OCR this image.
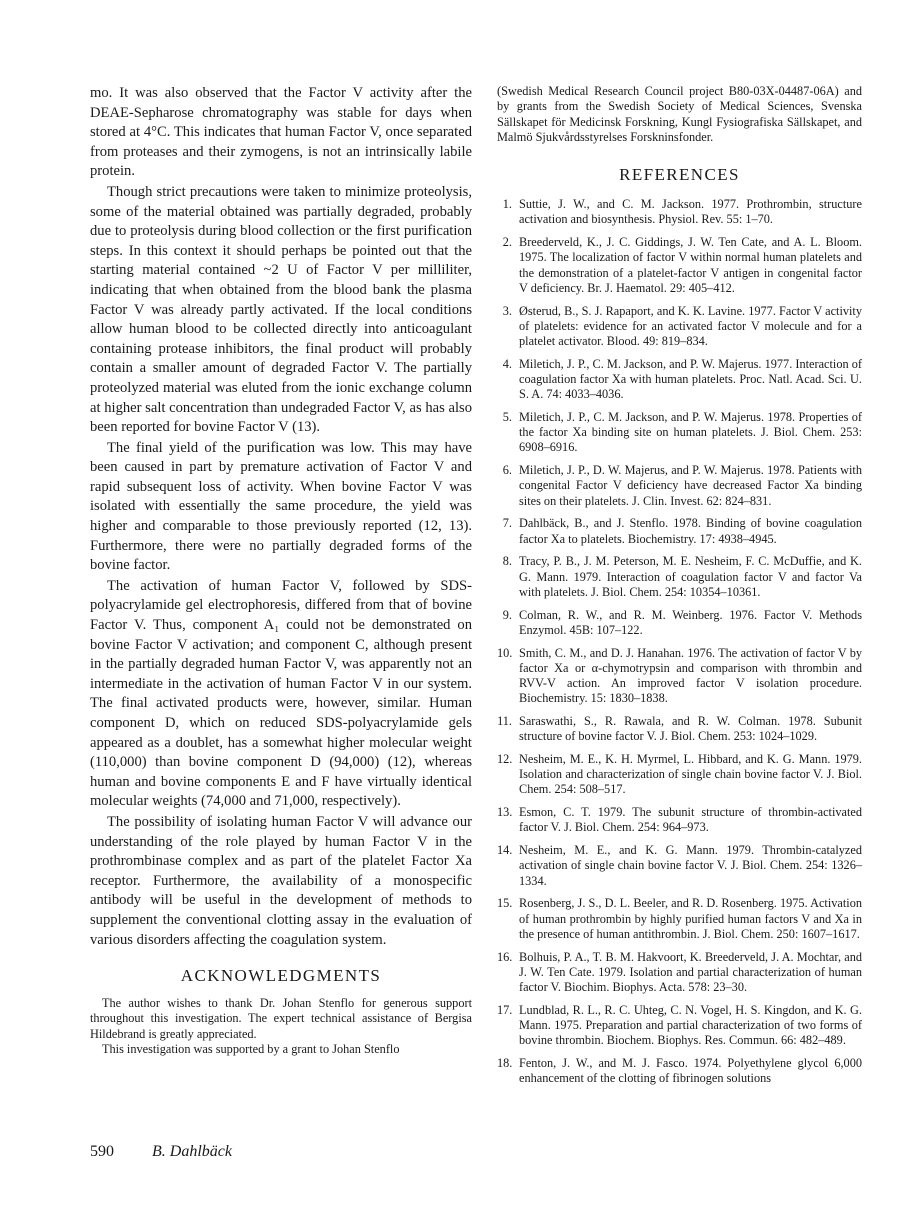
mo. It was also observed that the Factor V activity after the DEAE-Sepharose chromatography was stable for days when stored at 4°C. This indicates that human Factor V, once separated from proteases and their zymogens, is not an intrinsically labile protein.

Though strict precautions were taken to minimize proteolysis, some of the material obtained was partially degraded, probably due to proteolysis during blood collection or the first purification steps. In this context it should perhaps be pointed out that the starting material contained ~2 U of Factor V per milliliter, indicating that when obtained from the blood bank the plasma Factor V was already partly activated. If the local conditions allow human blood to be collected directly into anticoagulant containing protease inhibitors, the final product will probably contain a smaller amount of degraded Factor V. The partially proteolyzed material was eluted from the ionic exchange column at higher salt concentration than undegraded Factor V, as has also been reported for bovine Factor V (13).

The final yield of the purification was low. This may have been caused in part by premature activation of Factor V and rapid subsequent loss of activity. When bovine Factor V was isolated with essentially the same procedure, the yield was higher and comparable to those previously reported (12, 13). Furthermore, there were no partially degraded forms of the bovine factor.

The activation of human Factor V, followed by SDS-polyacrylamide gel electrophoresis, differed from that of bovine Factor V. Thus, component A₁ could not be demonstrated on bovine Factor V activation; and component C, although present in the partially degraded human Factor V, was apparently not an intermediate in the activation of human Factor V in our system. The final activated products were, however, similar. Human component D, which on reduced SDS-polyacrylamide gels appeared as a doublet, has a somewhat higher molecular weight (110,000) than bovine component D (94,000) (12), whereas human and bovine components E and F have virtually identical molecular weights (74,000 and 71,000, respectively).

The possibility of isolating human Factor V will advance our understanding of the role played by human Factor V in the prothrombinase complex and as part of the platelet Factor Xa receptor. Furthermore, the availability of a monospecific antibody will be useful in the development of methods to supplement the conventional clotting assay in the evaluation of various disorders affecting the coagulation system.

ACKNOWLEDGMENTS

The author wishes to thank Dr. Johan Stenflo for generous support throughout this investigation. The expert technical assistance of Bergisa Hildebrand is greatly appreciated.

This investigation was supported by a grant to Johan Stenflo

(Swedish Medical Research Council project B80-03X-04487-06A) and by grants from the Swedish Society of Medical Sciences, Svenska Sällskapet för Medicinsk Forskning, Kungl Fysiografiska Sällskapet, and Malmö Sjukvårdsstyrelses Forskninsfonder.

REFERENCES
1. Suttie, J. W., and C. M. Jackson. 1977. Prothrombin, structure activation and biosynthesis. Physiol. Rev. 55: 1–70.
2. Breederveld, K., J. C. Giddings, J. W. Ten Cate, and A. L. Bloom. 1975. The localization of factor V within normal human platelets and the demonstration of a platelet-factor V antigen in congenital factor V deficiency. Br. J. Haematol. 29: 405–412.
3. Østerud, B., S. J. Rapaport, and K. K. Lavine. 1977. Factor V activity of platelets: evidence for an activated factor V molecule and for a platelet activator. Blood. 49: 819–834.
4. Miletich, J. P., C. M. Jackson, and P. W. Majerus. 1977. Interaction of coagulation factor Xa with human platelets. Proc. Natl. Acad. Sci. U. S. A. 74: 4033–4036.
5. Miletich, J. P., C. M. Jackson, and P. W. Majerus. 1978. Properties of the factor Xa binding site on human platelets. J. Biol. Chem. 253: 6908–6916.
6. Miletich, J. P., D. W. Majerus, and P. W. Majerus. 1978. Patients with congenital Factor V deficiency have decreased Factor Xa binding sites on their platelets. J. Clin. Invest. 62: 824–831.
7. Dahlbäck, B., and J. Stenflo. 1978. Binding of bovine coagulation factor Xa to platelets. Biochemistry. 17: 4938–4945.
8. Tracy, P. B., J. M. Peterson, M. E. Nesheim, F. C. McDuffie, and K. G. Mann. 1979. Interaction of coagulation factor V and factor Va with platelets. J. Biol. Chem. 254: 10354–10361.
9. Colman, R. W., and R. M. Weinberg. 1976. Factor V. Methods Enzymol. 45B: 107–122.
10. Smith, C. M., and D. J. Hanahan. 1976. The activation of factor V by factor Xa or α-chymotrypsin and comparison with thrombin and RVV-V action. An improved factor V isolation procedure. Biochemistry. 15: 1830–1838.
11. Saraswathi, S., R. Rawala, and R. W. Colman. 1978. Subunit structure of bovine factor V. J. Biol. Chem. 253: 1024–1029.
12. Nesheim, M. E., K. H. Myrmel, L. Hibbard, and K. G. Mann. 1979. Isolation and characterization of single chain bovine factor V. J. Biol. Chem. 254: 508–517.
13. Esmon, C. T. 1979. The subunit structure of thrombin-activated factor V. J. Biol. Chem. 254: 964–973.
14. Nesheim, M. E., and K. G. Mann. 1979. Thrombin-catalyzed activation of single chain bovine factor V. J. Biol. Chem. 254: 1326–1334.
15. Rosenberg, J. S., D. L. Beeler, and R. D. Rosenberg. 1975. Activation of human prothrombin by highly purified human factors V and Xa in the presence of human antithrombin. J. Biol. Chem. 250: 1607–1617.
16. Bolhuis, P. A., T. B. M. Hakvoort, K. Breederveld, J. A. Mochtar, and J. W. Ten Cate. 1979. Isolation and partial characterization of human factor V. Biochim. Biophys. Acta. 578: 23–30.
17. Lundblad, R. L., R. C. Uhteg, C. N. Vogel, H. S. Kingdon, and K. G. Mann. 1975. Preparation and partial characterization of two forms of bovine thrombin. Biochem. Biophys. Res. Commun. 66: 482–489.
18. Fenton, J. W., and M. J. Fasco. 1974. Polyethylene glycol 6,000 enhancement of the clotting of fibrinogen solutions
590 B. Dahlbäck
